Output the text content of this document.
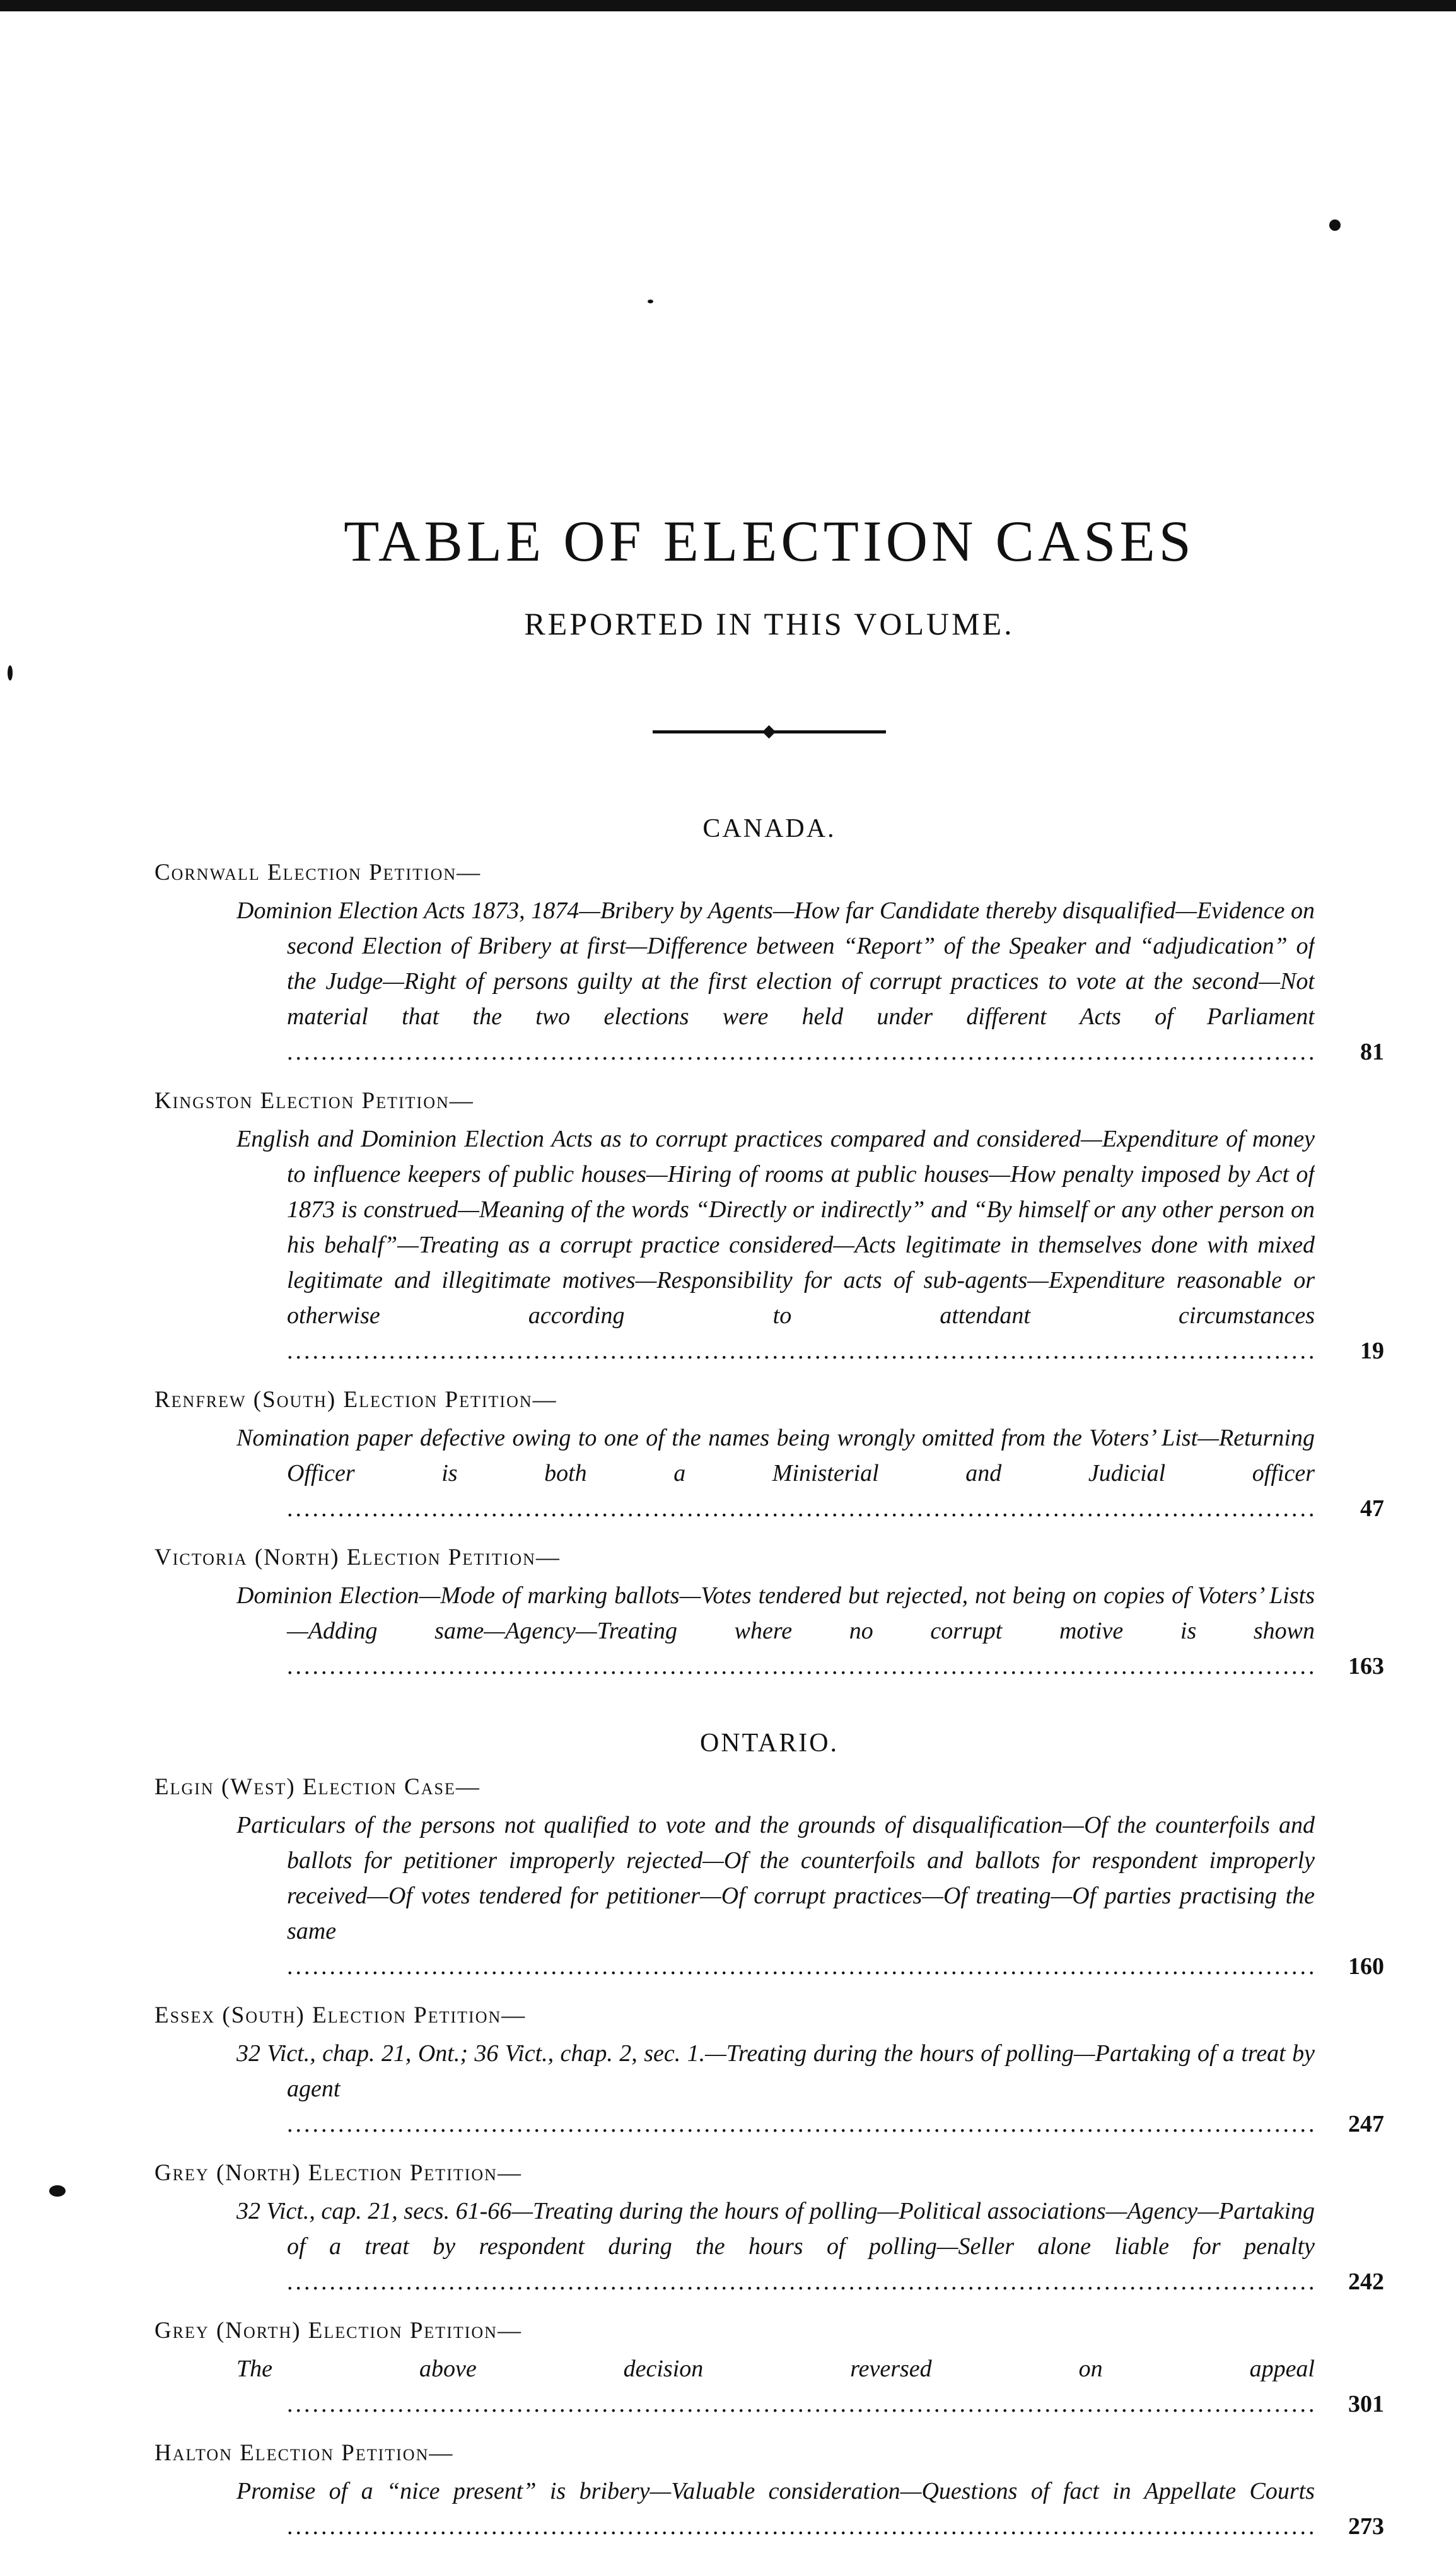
TABLE OF ELECTION CASES
REPORTED IN THIS VOLUME.
CANADA.
Cornwall Election Petition—
Dominion Election Acts 1873, 1874—Bribery by Agents—How far Candidate thereby disqualified—Evidence on second Election of Bribery at first—Difference between “Report” of the Speaker and “adjudication” of the Judge—Right of persons guilty at the first election of corrupt practices to vote at the second—Not material that the two elections were held under different Acts of Parliament .....
81
Kingston Election Petition—
English and Dominion Election Acts as to corrupt practices compared and considered—Expenditure of money to influence keepers of public houses—Hiring of rooms at public houses—How penalty imposed by Act of 1873 is construed—Meaning of the words “Directly or indirectly” and “By himself or any other person on his behalf”—Treating as a corrupt practice considered—Acts legitimate in themselves done with mixed legitimate and illegitimate motives—Responsibility for acts of sub-agents—Expenditure reasonable or otherwise according to attendant circumstances .....
19
Renfrew (South) Election Petition—
Nomination paper defective owing to one of the names being wrongly omitted from the Voters’ List—Returning Officer is both a Ministerial and Judicial officer .....
47
Victoria (North) Election Petition—
Dominion Election—Mode of marking ballots—Votes tendered but rejected, not being on copies of Voters’ Lists—Adding same—Agency—Treating where no corrupt motive is shown .....
163
ONTARIO.
Elgin (West) Election Case—
Particulars of the persons not qualified to vote and the grounds of disqualification—Of the counterfoils and ballots for petitioner improperly rejected—Of the counterfoils and ballots for respondent improperly received—Of votes tendered for petitioner—Of corrupt practices—Of treating—Of parties practising the same .....
160
Essex (South) Election Petition—
32 Vict., chap. 21, Ont.; 36 Vict., chap. 2, sec. 1.—Treating during the hours of polling—Partaking of a treat by agent .....
247
Grey (North) Election Petition—
32 Vict., cap. 21, secs. 61-66—Treating during the hours of polling—Political associations—Agency—Partaking of a treat by respondent during the hours of polling—Seller alone liable for penalty .....
242
Grey (North) Election Petition—
The above decision reversed on appeal .....
301
Halton Election Petition—
Promise of a “nice present” is bribery—Valuable consideration—Questions of fact in Appellate Courts .....
273
